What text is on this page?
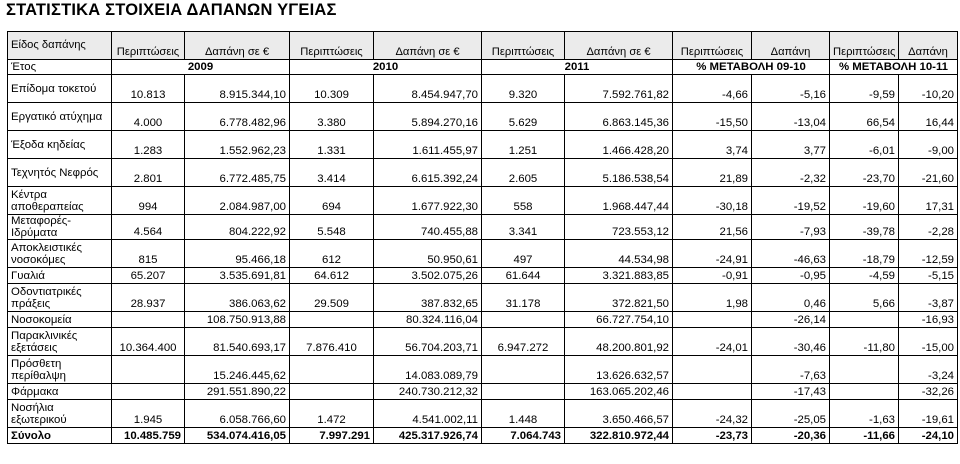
ΣΤΑΤΙΣΤΙΚΑ ΣΤΟΙΧΕΙΑ ΔΑΠΑΝΩΝ ΥΓΕΙΑΣ
Είδος δαπάνης	Περιπτώσεις	Δαπάνη σε €	Περιπτώσεις	Δαπάνη σε €	Περιπτώσεις	Δαπάνη σε €	Περιπτώσεις	Δαπάνη	Περιπτώσεις	Δαπάνη
Έτος	2009		2010		2011		% ΜΕΤΑΒΟΛΗ 09-10		% ΜΕΤΑΒΟΛΗ 10-11	
Επίδομα τοκετού	10.813	8.915.344,10	10.309	8.454.947,70	9.320	7.592.761,82	-4,66	-5,16	-9,59	-10,20
Εργατικό ατύχημα	4.000	6.778.482,96	3.380	5.894.270,16	5.629	6.863.145,36	-15,50	-13,04	66,54	16,44
Έξοδα κηδείας	1.283	1.552.962,23	1.331	1.611.455,97	1.251	1.466.428,20	3,74	3,77	-6,01	-9,00
Τεχνητός Νεφρός	2.801	6.772.485,75	3.414	6.615.392,24	2.605	5.186.538,54	21,89	-2,32	-23,70	-21,60
Κέντρα αποθεραπείας	994	2.084.987,00	694	1.677.922,30	558	1.968.447,44	-30,18	-19,52	-19,60	17,31
Μεταφορές-Ιδρύματα	4.564	804.222,92	5.548	740.455,88	3.341	723.553,12	21,56	-7,93	-39,78	-2,28
Αποκλειστικές νοσοκόμες	815	95.466,18	612	50.950,61	497	44.534,98	-24,91	-46,63	-18,79	-12,59
Γυαλιά	65.207	3.535.691,81	64.612	3.502.075,26	61.644	3.321.883,85	-0,91	-0,95	-4,59	-5,15
Οδοντιατρικές πράξεις	28.937	386.063,62	29.509	387.832,65	31.178	372.821,50	1,98	0,46	5,66	-3,87
Νοσοκομεία		108.750.913,88		80.324.116,04		66.727.754,10		-26,14		-16,93
Παρακλινικές εξετάσεις	10.364.400	81.540.693,17	7.876.410	56.704.203,71	6.947.272	48.200.801,92	-24,01	-30,46	-11,80	-15,00
Πρόσθετη περίθαλψη		15.246.445,62		14.083.089,79		13.626.632,57		-7,63		-3,24
Φάρμακα		291.551.890,22		240.730.212,32		163.065.202,46		-17,43		-32,26
Νοσήλια εξωτερικού	1.945	6.058.766,60	1.472	4.541.002,11	1.448	3.650.466,57	-24,32	-25,05	-1,63	-19,61
Σύνολο	10.485.759	534.074.416,05	7.997.291	425.317.926,74	7.064.743	322.810.972,44	-23,73	-20,36	-11,66	-24,10
